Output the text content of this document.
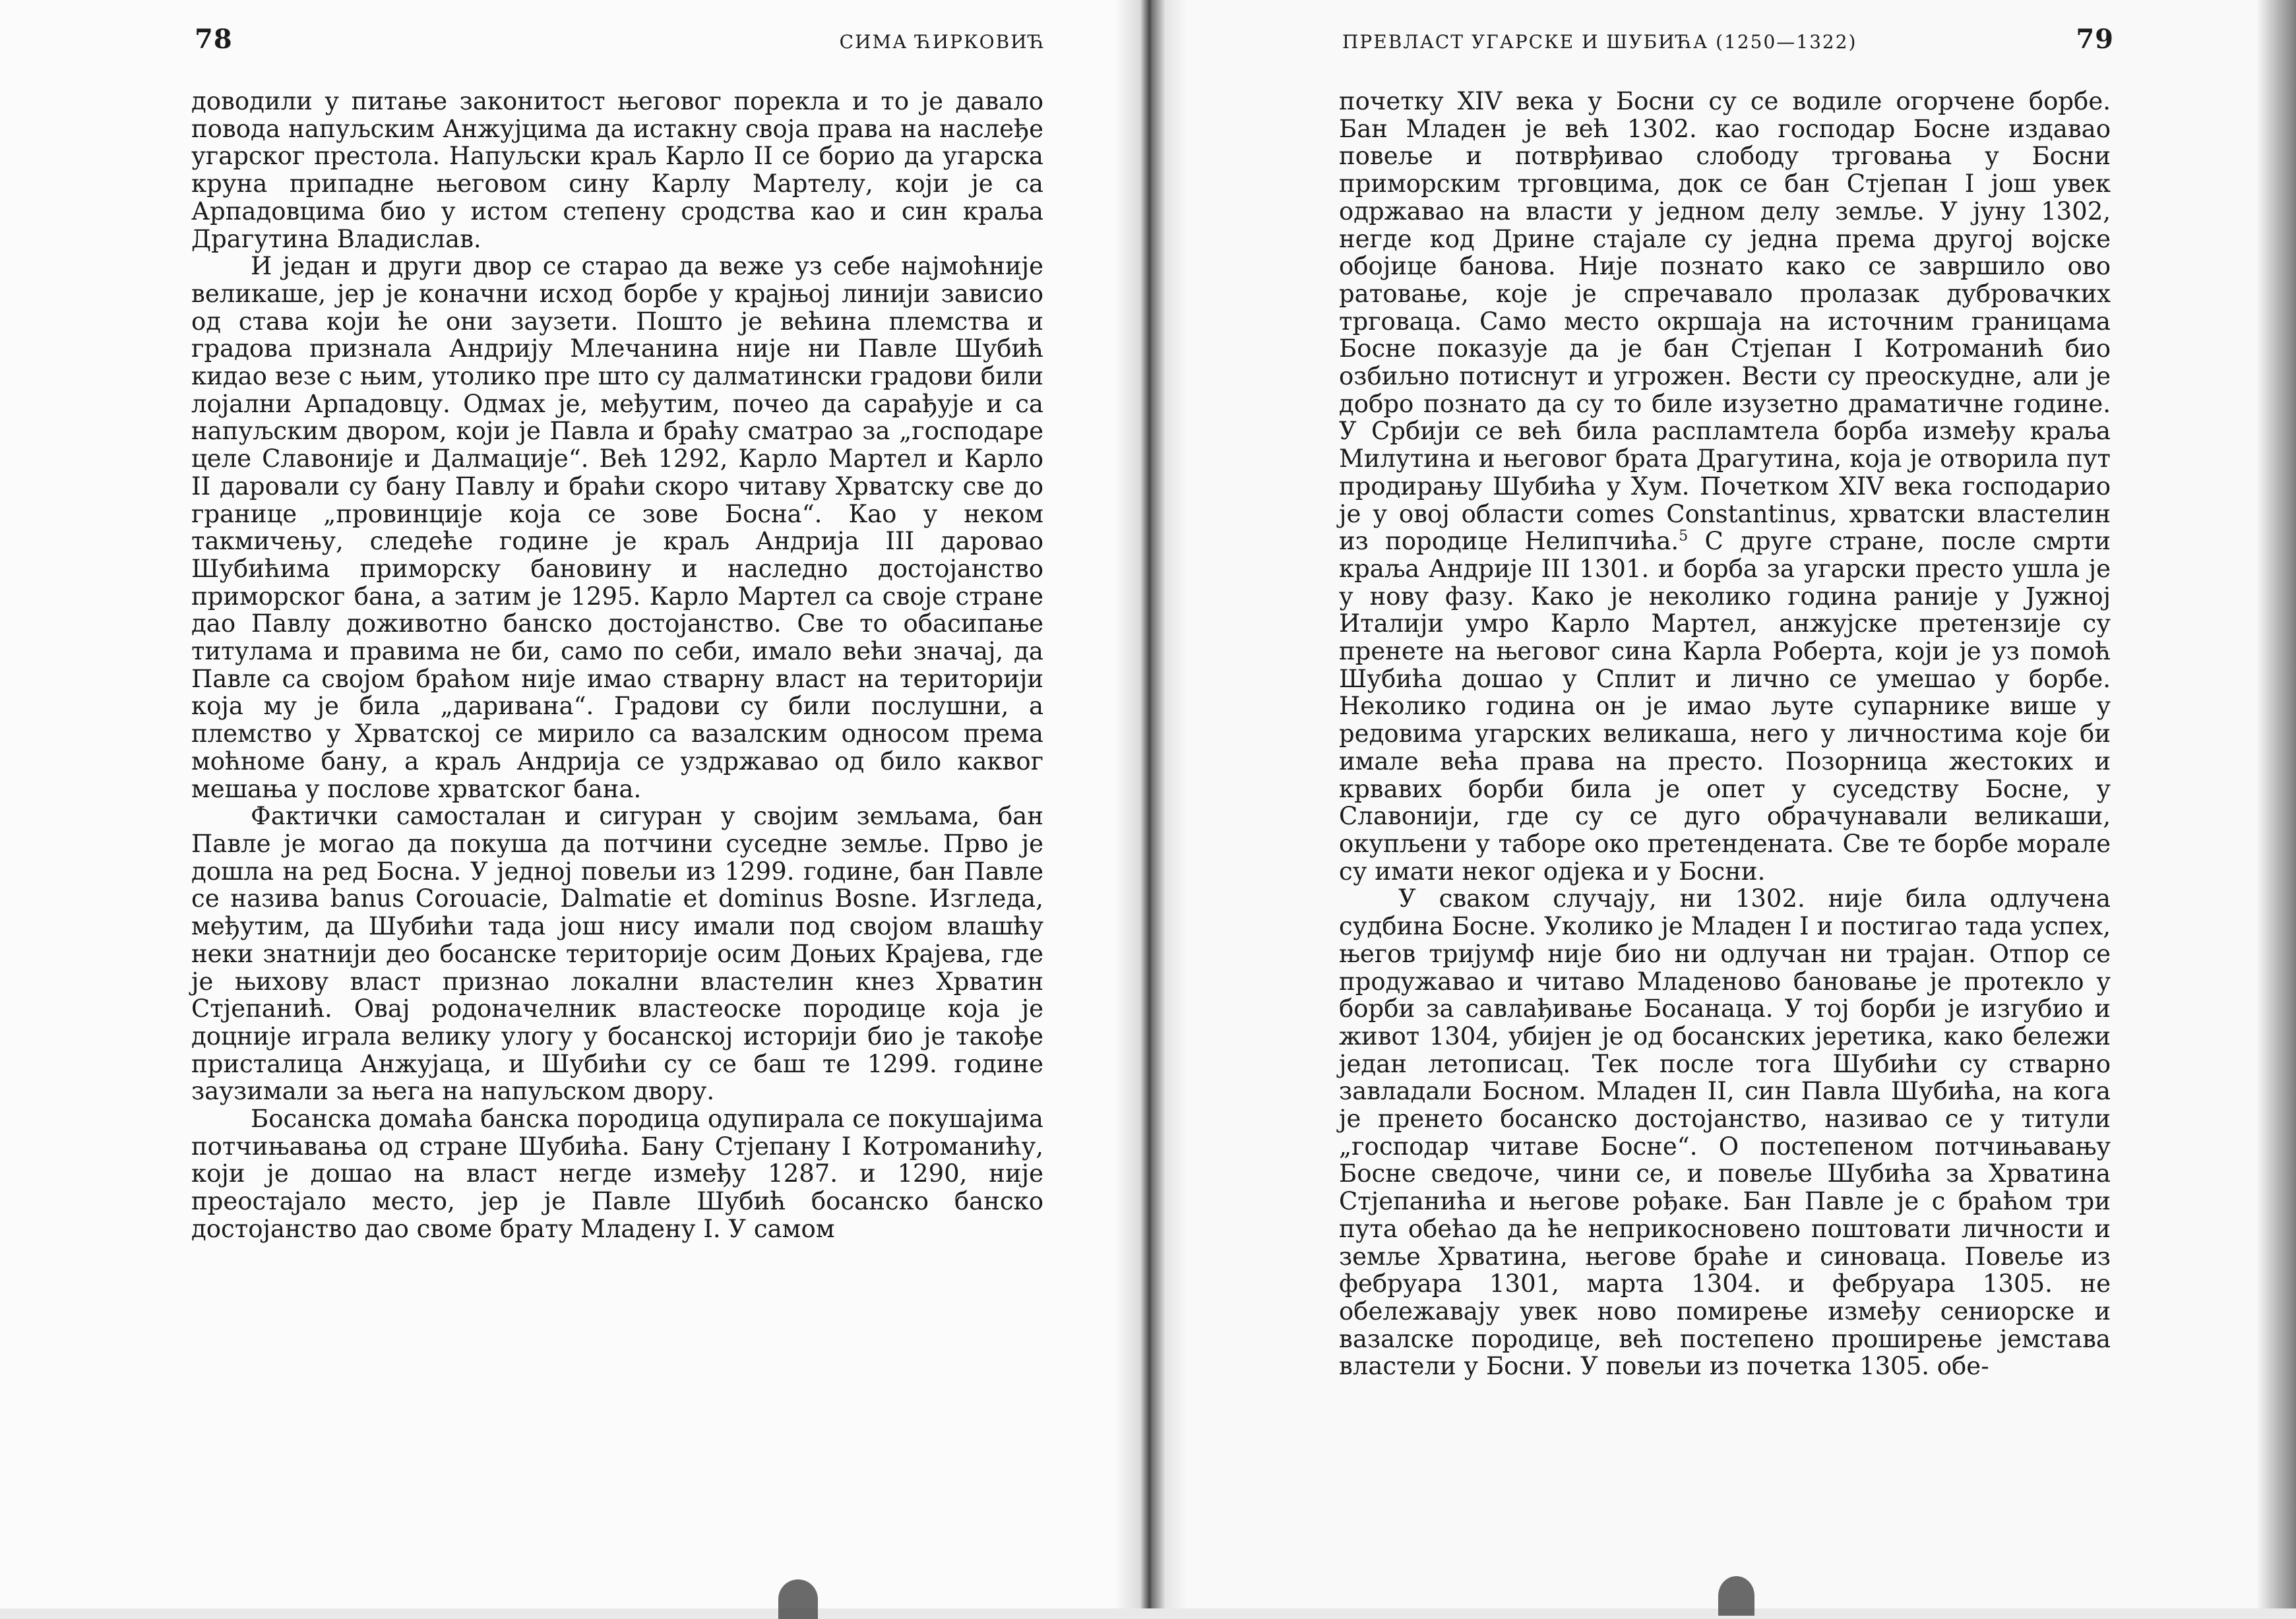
78	СИМА ЋИРКОВИЋ

доводили у питање законитост његовог порекла и то је давало повода напуљским Анжујцима да истакну своја права на наслеђе угарског престола. Напуљски краљ Карло II се борио да угарска круна припадне његовом сину Карлу Мартелу, који је са Арпадовцима био у истом степену сродства као и син краља Драгутина Владислав.

И један и други двор се старао да веже уз себе најмоћније великаше, јер је коначни исход борбе у крајњој линији зависио од става који ће они заузети. Пошто је већина племства и градова признала Андрију Млечанина није ни Павле Шубић кидао везе с њим, утолико пре што су далматински градови били лојални Арпадовцу. Одмах је, међутим, почео да сарађује и са напуљским двором, који је Павла и браћу сматрао за „господаре целе Славоније и Далмације“. Већ 1292, Карло Мартел и Карло II даровали су бану Павлу и браћи скоро читаву Хрватску све до границе „провинције која се зове Босна“. Као у неком такмичењу, следеће године је краљ Андрија III даровао Шубићима приморску бановину и наследно достојанство приморског бана, а затим је 1295. Карло Мартел са своје стране дао Павлу доживотно банско достојанство. Све то обасипање титулама и правима не би, само по себи, имало већи значај, да Павле са својом браћом није имао стварну власт на територији која му је била „даривана“. Градови су били послушни, а племство у Хрватској се мирило са вазалским односом према моћноме бану, а краљ Андрија се уздржавао од било каквог мешања у послове хрватског бана.

Фактички самосталан и сигуран у својим земљама, бан Павле је могао да покуша да потчини суседне земље. Прво је дошла на ред Босна. У једној повељи из 1299. године, бан Павле се назива banus Corouacie, Dalmatie et dominus Bosne. Изгледа, међутим, да Шубићи тада још нису имали под својом влашћу неки знатнији део босанске територије осим Доњих Крајева, где је њихову власт признао локални властелин кнез Хрватин Стјепанић. Овај родоначелник властеоске породице која је доцније играла велику улогу у босанској историји био је такође присталица Анжујаца, и Шубићи су се баш те 1299. године заузимали за њега на напуљском двору.

Босанска домаћа банска породица одупирала се покушајима потчињавања од стране Шубића. Бану Стјепану I Котроманићу, који је дошао на власт негде између 1287. и 1290, није преостајало место, јер је Павле Шубић босанско банско достојанство дао своме брату Младену I. У самом

ПРЕВЛАСТ УГАРСКЕ И ШУБИЋА (1250—1322)	79

почетку XIV века у Босни су се водиле огорчене борбе. Бан Младен је већ 1302. као господар Босне издавао повеље и потврђивао слободу трговања у Босни приморским трговцима, док се бан Стјепан I још увек одржавао на власти у једном делу земље. У јуну 1302, негде код Дрине стајале су једна према другој војске обојице банова. Није познато како се завршило ово ратовање, које је спречавало пролазак дубровачких трговаца. Само место окршаја на источним границама Босне показује да је бан Стјепан I Котроманић био озбиљно потиснут и угрожен. Вести су преоскудне, али је добро познато да су то биле изузетно драматичне године. У Србији се већ била распламтела борба између краља Милутина и његовог брата Драгутина, која је отворила пут продирању Шубића у Хум. Почетком XIV века господарио је у овој области comes Constantinus, хрватски властелин из породице Нелипчића.$^5$ С друге стране, после смрти краља Андрије III 1301. и борба за угарски престо ушла је у нову фазу. Како је неколико година раније у Јужној Италији умро Карло Мартел, анжујске претензије су пренете на његовог сина Карла Роберта, који је уз помоћ Шубића дошао у Сплит и лично се умешао у борбе. Неколико година он је имао љуте супарнике више у редовима угарских великаша, него у личностима које би имале већа права на престо. Позорница жестоких и крвавих борби била је опет у суседству Босне, у Славонији, где су се дуго обрачунавали великаши, окупљени у таборе око претендената. Све те борбе морале су имати неког одјека и у Босни.

У сваком случају, ни 1302. није била одлучена судбина Босне. Уколико је Младен I и постигао тада успех, његов тријумф није био ни одлучан ни трајан. Отпор се продужавао и читаво Младеново бановање је протекло у борби за савлађивање Босанаца. У тој борби је изгубио и живот 1304, убијен је од босанских јеретика, како бележи један летописац. Тек после тога Шубићи су стварно завладали Босном. Младен II, син Павла Шубића, на кога је пренето босанско достојанство, називао се у титули „господар читаве Босне“. О постепеном потчињавању Босне сведоче, чини се, и повеље Шубића за Хрватина Стјепанића и његове рођаке. Бан Павле је с браћом три пута обећао да ће неприкосновено поштовати личности и земље Хрватина, његове браће и синоваца. Повеље из фебруара 1301, марта 1304. и фебруара 1305. не обележавају увек ново помирење између сениорске и вазалске породице, већ постепено проширење јемстава властели у Босни. У повељи из почетка 1305. обе-
